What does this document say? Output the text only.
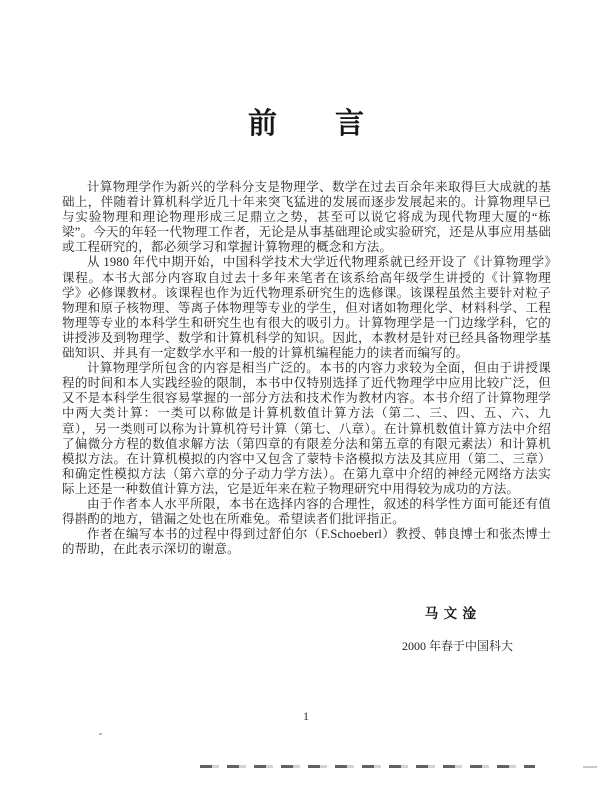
前　　言

计算物理学作为新兴的学科分支是物理学、数学在过去百余年来取得巨大成就的基础上，伴随着计算机科学近几十年来突飞猛进的发展而逐步发展起来的。计算物理早已与实验物理和理论物理形成三足鼎立之势，甚至可以说它将成为现代物理大厦的“栋梁”。今天的年轻一代物理工作者，无论是从事基础理论或实验研究，还是从事应用基础或工程研究的，都必须学习和掌握计算物理的概念和方法。

从 1980 年代中期开始，中国科学技术大学近代物理系就已经开设了《计算物理学》课程。本书大部分内容取自过去十多年来笔者在该系给高年级学生讲授的《计算物理学》必修课教材。该课程也作为近代物理系研究生的选修课。该课程虽然主要针对粒子物理和原子核物理、等离子体物理等专业的学生，但对诸如物理化学、材料科学、工程物理等专业的本科学生和研究生也有很大的吸引力。计算物理学是一门边缘学科，它的讲授涉及到物理学、数学和计算机科学的知识。因此，本教材是针对已经具备物理学基础知识、并具有一定数学水平和一般的计算机编程能力的读者而编写的。

计算物理学所包含的内容是相当广泛的。本书的内容力求较为全面，但由于讲授课程的时间和本人实践经验的限制，本书中仅特别选择了近代物理学中应用比较广泛，但又不是本科学生很容易掌握的一部分方法和技术作为教材内容。本书介绍了计算物理学中两大类计算：一类可以称做是计算机数值计算方法（第二、三、四、五、六、九章），另一类则可以称为计算机符号计算（第七、八章）。在计算机数值计算方法中介绍了偏微分方程的数值求解方法（第四章的有限差分法和第五章的有限元素法）和计算机模拟方法。在计算机模拟的内容中又包含了蒙特卡洛模拟方法及其应用（第二、三章）和确定性模拟方法（第六章的分子动力学方法）。在第九章中介绍的神经元网络方法实际上还是一种数值计算方法，它是近年来在粒子物理研究中用得较为成功的方法。

由于作者本人水平所限，本书在选择内容的合理性，叙述的科学性方面可能还有值得斟酌的地方，错漏之处也在所难免。希望读者们批评指正。

作者在编写本书的过程中得到过舒伯尔（F.Schoeberl）教授、韩良博士和张杰博士的帮助，在此表示深切的谢意。

马 文 淦
2000 年春于中国科大
1
